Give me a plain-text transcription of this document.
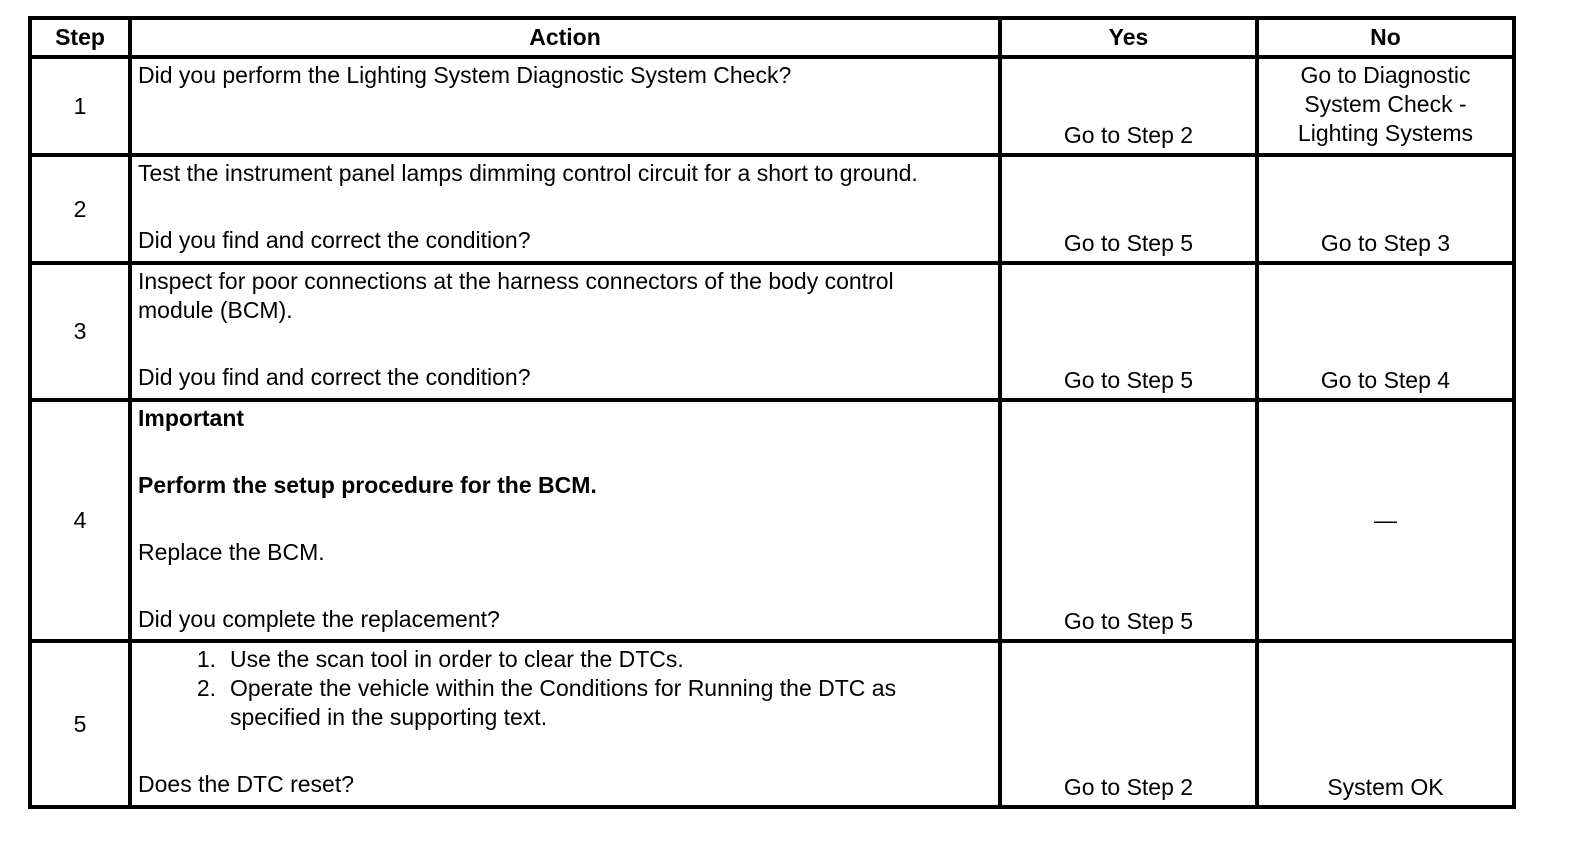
Step	Action	Yes	No
1	Did you perform the Lighting System Diagnostic System Check?	Go to Step 2	Go to Diagnostic System Check - Lighting Systems

2	Test the instrument panel lamps dimming control circuit for a short to ground.
Did you find and correct the condition?	Go to Step 5	Go to Step 3
3	Inspect for poor connections at the harness connectors of the body control module (BCM).
Did you find and correct the condition?	Go to Step 5	Go to Step 4
4	Important
Perform the setup procedure for the BCM.
Replace the BCM.
Did you complete the replacement?	Go to Step 5	—
5	1. Use the scan tool in order to clear the DTCs.
2. Operate the vehicle within the Conditions for Running the DTC as specified in the supporting text.
Does the DTC reset?	Go to Step 2	System OK
